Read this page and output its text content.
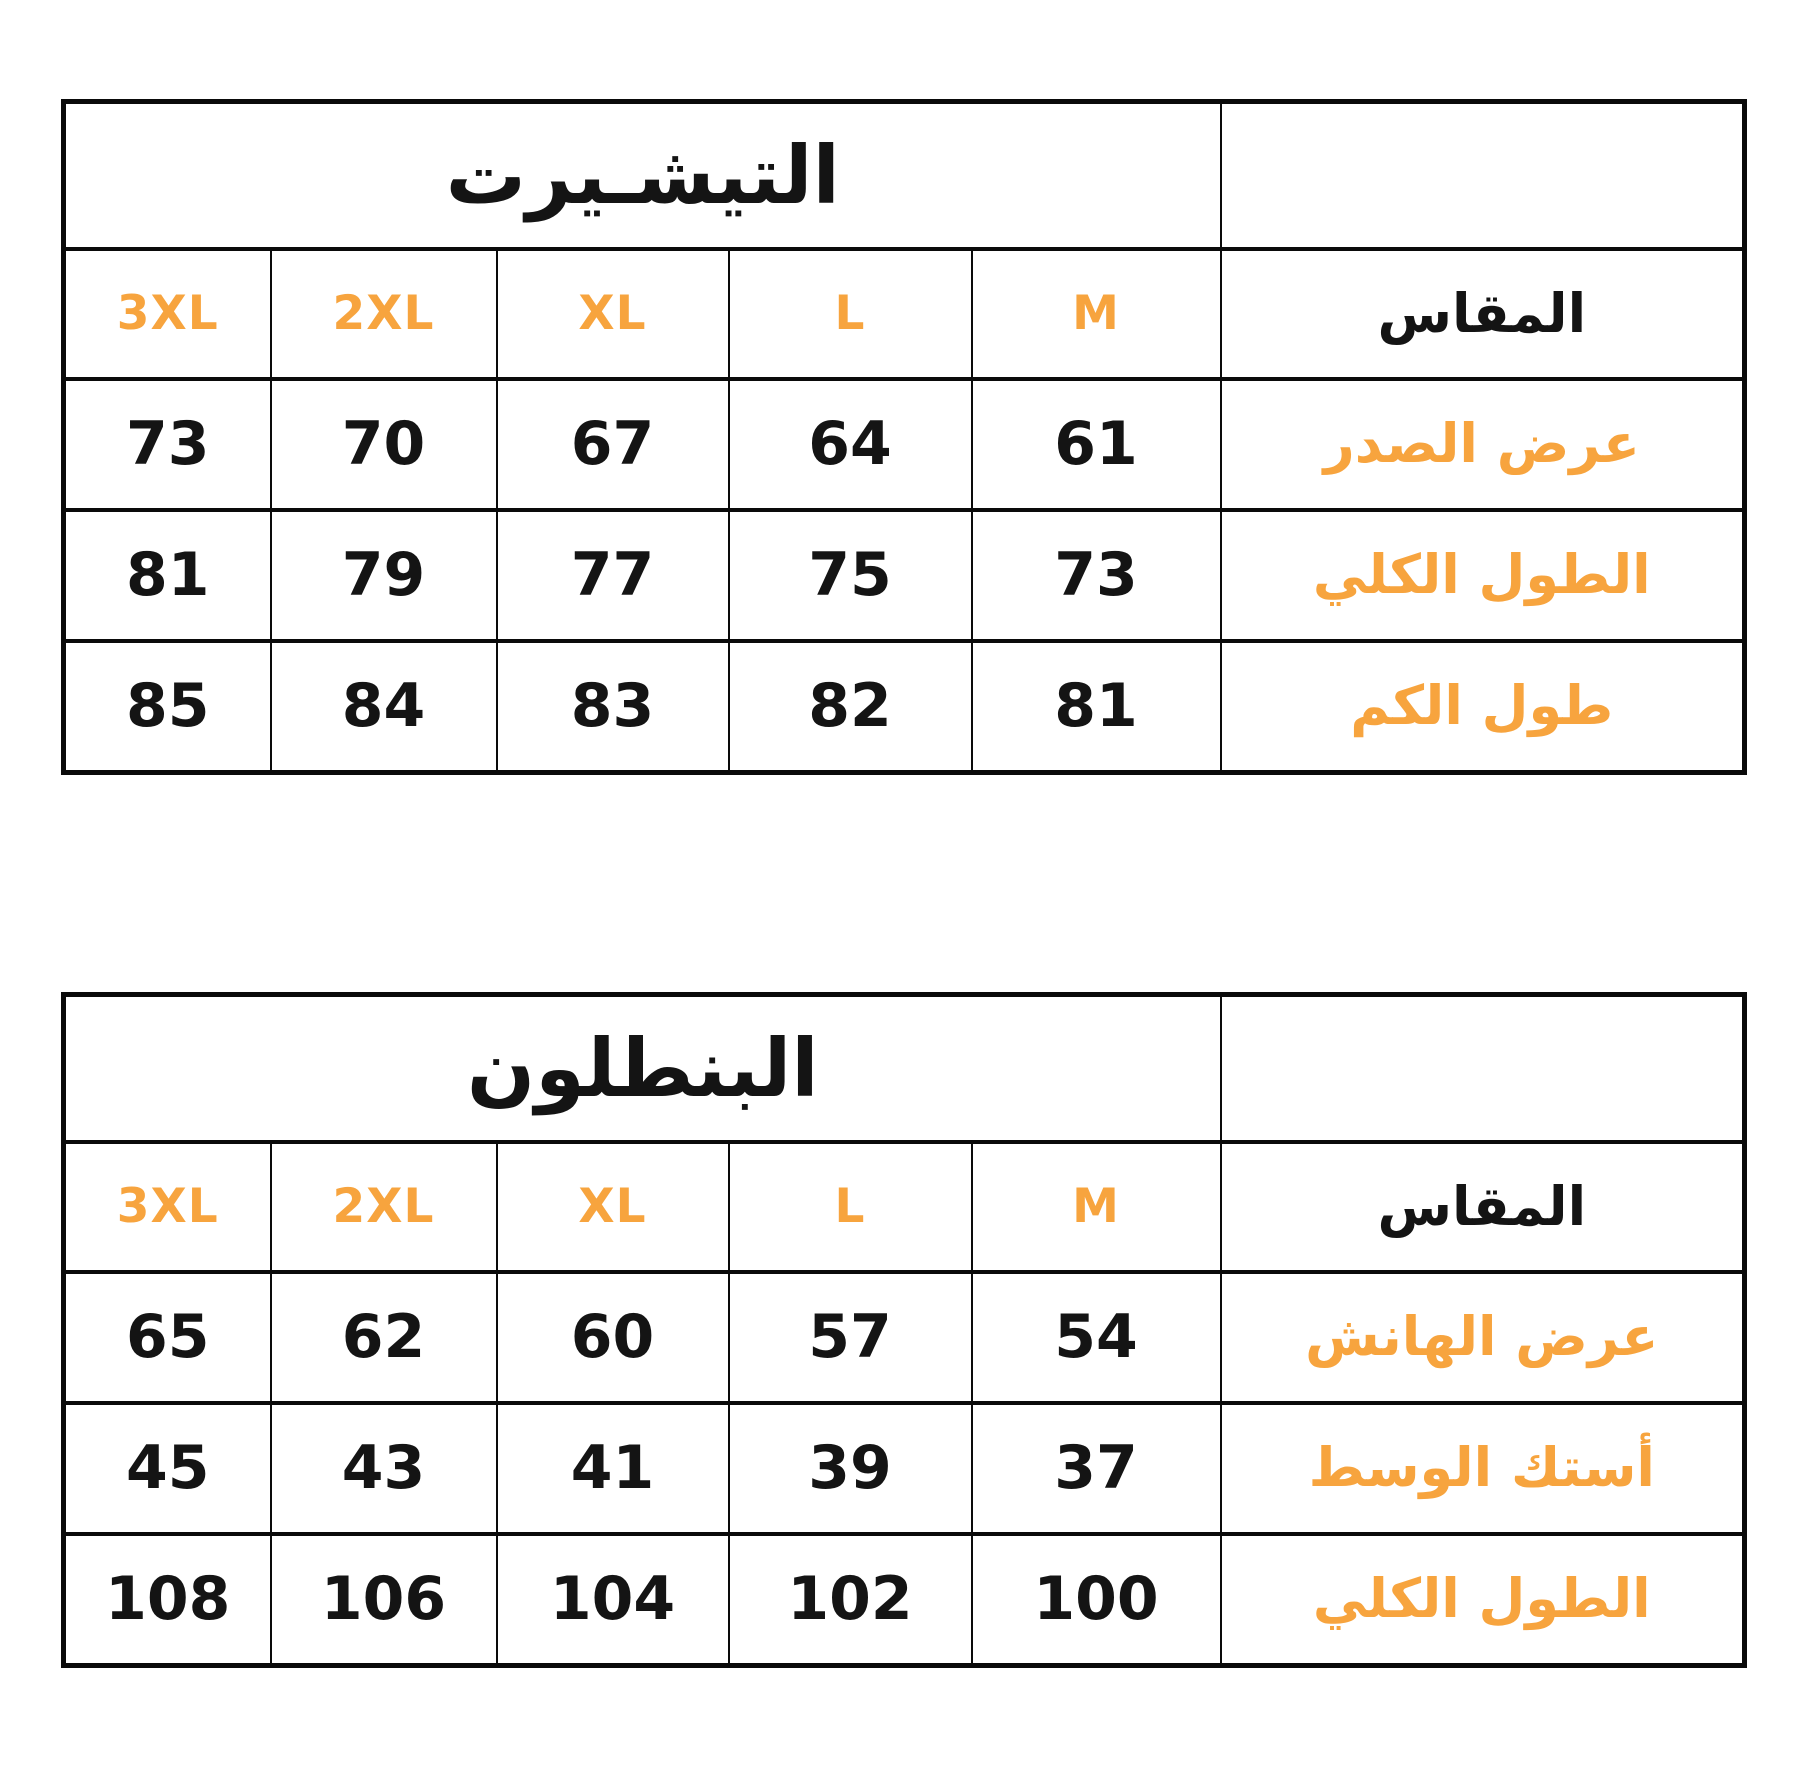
التيشـيرت					
3XL	2XL	XL	L	M	المقاس
73	70	67	64	61	عرض الصدر
81	79	77	75	73	الطول الكلي
85	84	83	82	81	طول الكم
البنطلون					
3XL	2XL	XL	L	M	المقاس
65	62	60	57	54	عرض الهانش
45	43	41	39	37	أستك الوسط
108	106	104	102	100	الطول الكلي
